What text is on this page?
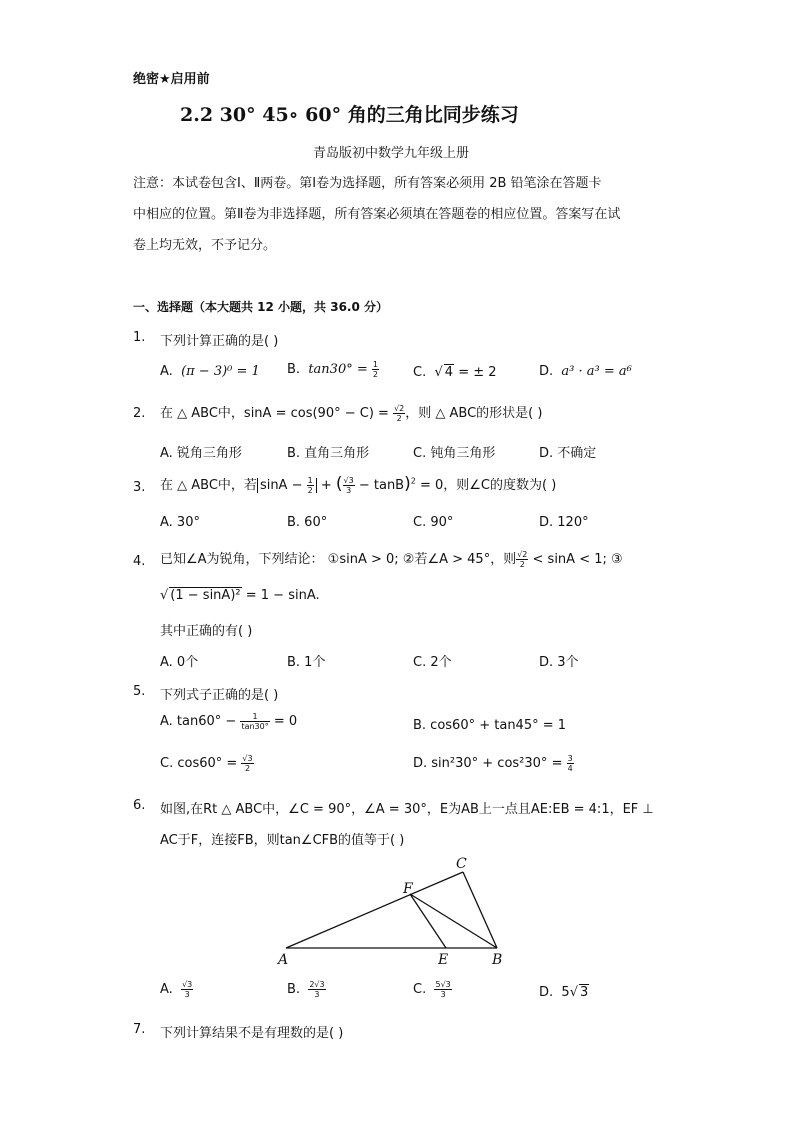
绝密★启用前
2.2 30° 45∘ 60° 角的三角比同步练习
青岛版初中数学九年级上册
注意：本试卷包含Ⅰ、Ⅱ两卷。第Ⅰ卷为选择题，所有答案必须用 2B 铅笔涂在答题卡
中相应的位置。第Ⅱ卷为非选择题，所有答案必须填在答题卷的相应位置。答案写在试
卷上均无效，不予记分。
一、选择题（本大题共 12 小题，共 36.0 分）
1. 下列计算正确的是( )
A. (π − 3)⁰ = 1 B. $\tan 30^\circ = \frac{1}{2}$	C.  √ 4 = ± 2	D. a³ · a³ = a⁶
2. 在 △ ABC中，$\sin A = \cos(90^\circ - C) = \frac{√2}{2}$ ，则 △ ABC的形状是( )
A. 锐角三角形	B. 直角三角形	C. 钝角三角形	D. 不确定
3. 在 △ ABC中，若 $\sin A - \frac{1}{2}$ + ( $\frac{√3}{3} - \tan B)^2 = 0$，则∠C的度数为( )
A. 30°	B. 60°	C. 90°	D. 120°
4. 已知∠A为锐角，下列结论： ①sinA > 0; ②若∠A > 45°，则 $\frac{√2}{2} < \sin A < 1$; ③
√ (1 − sinA)² = 1 − sinA.
其中正确的有( )
A. 0个	B. 1个	C. 2个	D. 3个
5. 下列式子正确的是( )
A. $\tan 60^\circ - \frac{1}{\tan 30^\circ} = 0$	B. cos60° + tan45° = 1
C. $\cos 60^\circ = \frac{√3}{2}$	D. $\sin^230^\circ + \cos^230^\circ = \frac{3}{4}$
6. 如图,在Rt △ ABC中，∠C = 90°，∠A = 30°，E为AB上一点且AE:EB = 4:1，EF ⊥
AC于F，连接FB，则tan∠CFB的值等于( )
A	B
C
E
F
A. $\frac{√3}{3}$	B. $\frac{2√3}{3}$	C. $\frac{5√3}{3}$	D. 5√ 3
7. 下列计算结果不是有理数的是( )
